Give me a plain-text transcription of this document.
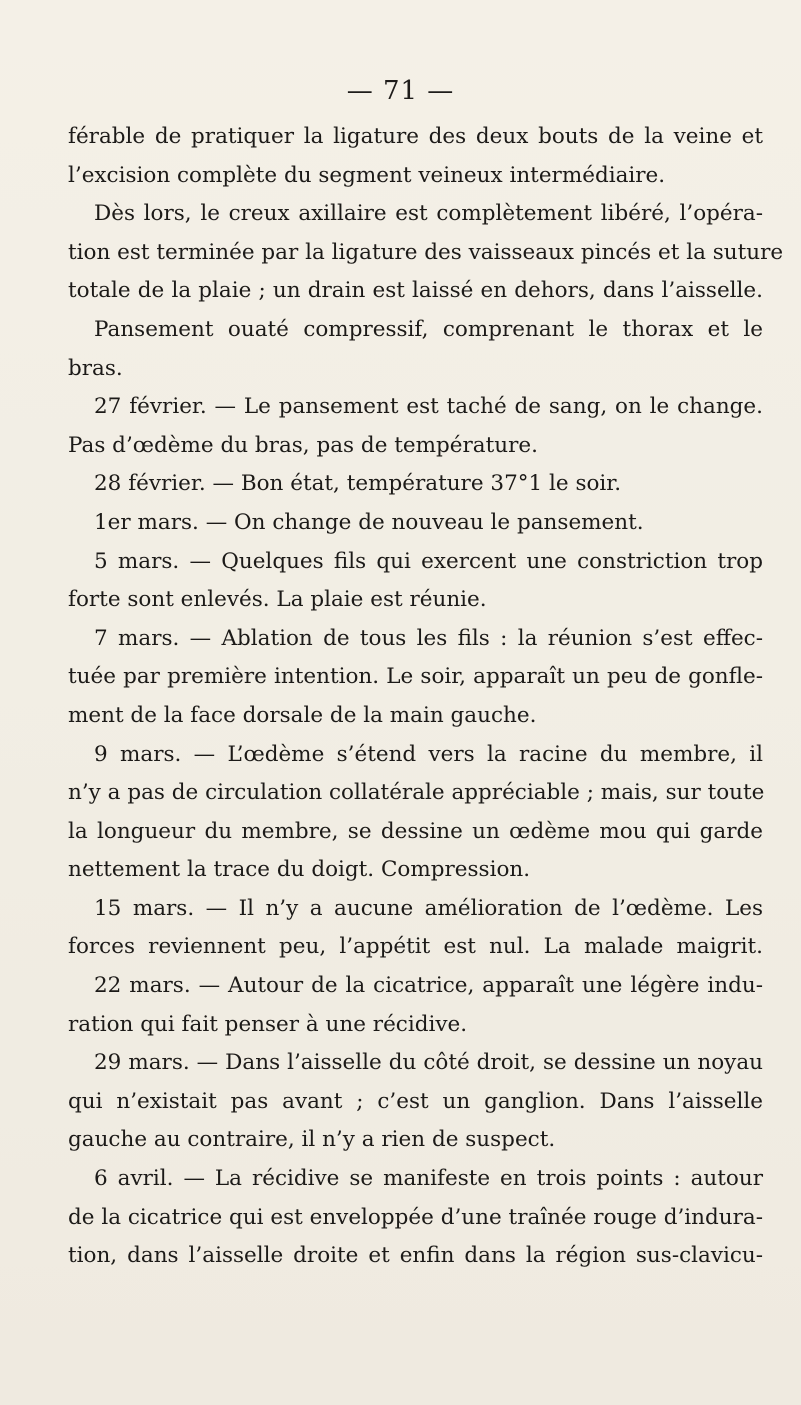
— 71 —
férable de pratiquer la ligature des deux bouts de la veine et
l’excision complète du segment veineux intermédiaire.
Dès lors, le creux axillaire est complètement libéré, l’opéra-
tion est terminée par la ligature des vaisseaux pincés et la suture
totale de la plaie ; un drain est laissé en dehors, dans l’aisselle.
Pansement ouaté compressif, comprenant le thorax et le
bras.
27 février. — Le pansement est taché de sang, on le change.
Pas d’œdème du bras, pas de température.
28 février. — Bon état, température 37°1 le soir.
1er mars. — On change de nouveau le pansement.
5 mars. — Quelques fils qui exercent une constriction trop
forte sont enlevés. La plaie est réunie.
7 mars. — Ablation de tous les fils : la réunion s’est effec-
tuée par première intention. Le soir, apparaît un peu de gonfle-
ment de la face dorsale de la main gauche.
9 mars. — L’œdème s’étend vers la racine du membre, il
n’y a pas de circulation collatérale appréciable ; mais, sur toute
la longueur du membre, se dessine un œdème mou qui garde
nettement la trace du doigt. Compression.
15 mars. — Il n’y a aucune amélioration de l’œdème. Les
forces reviennent peu, l’appétit est nul. La malade maigrit.
22 mars. — Autour de la cicatrice, apparaît une légère indu-
ration qui fait penser à une récidive.
29 mars. — Dans l’aisselle du côté droit, se dessine un noyau
qui n’existait pas avant ; c’est un ganglion. Dans l’aisselle
gauche au contraire, il n’y a rien de suspect.
6 avril. — La récidive se manifeste en trois points : autour
de la cicatrice qui est enveloppée d’une traînée rouge d’indura-
tion, dans l’aisselle droite et enfin dans la région sus-clavicu-
